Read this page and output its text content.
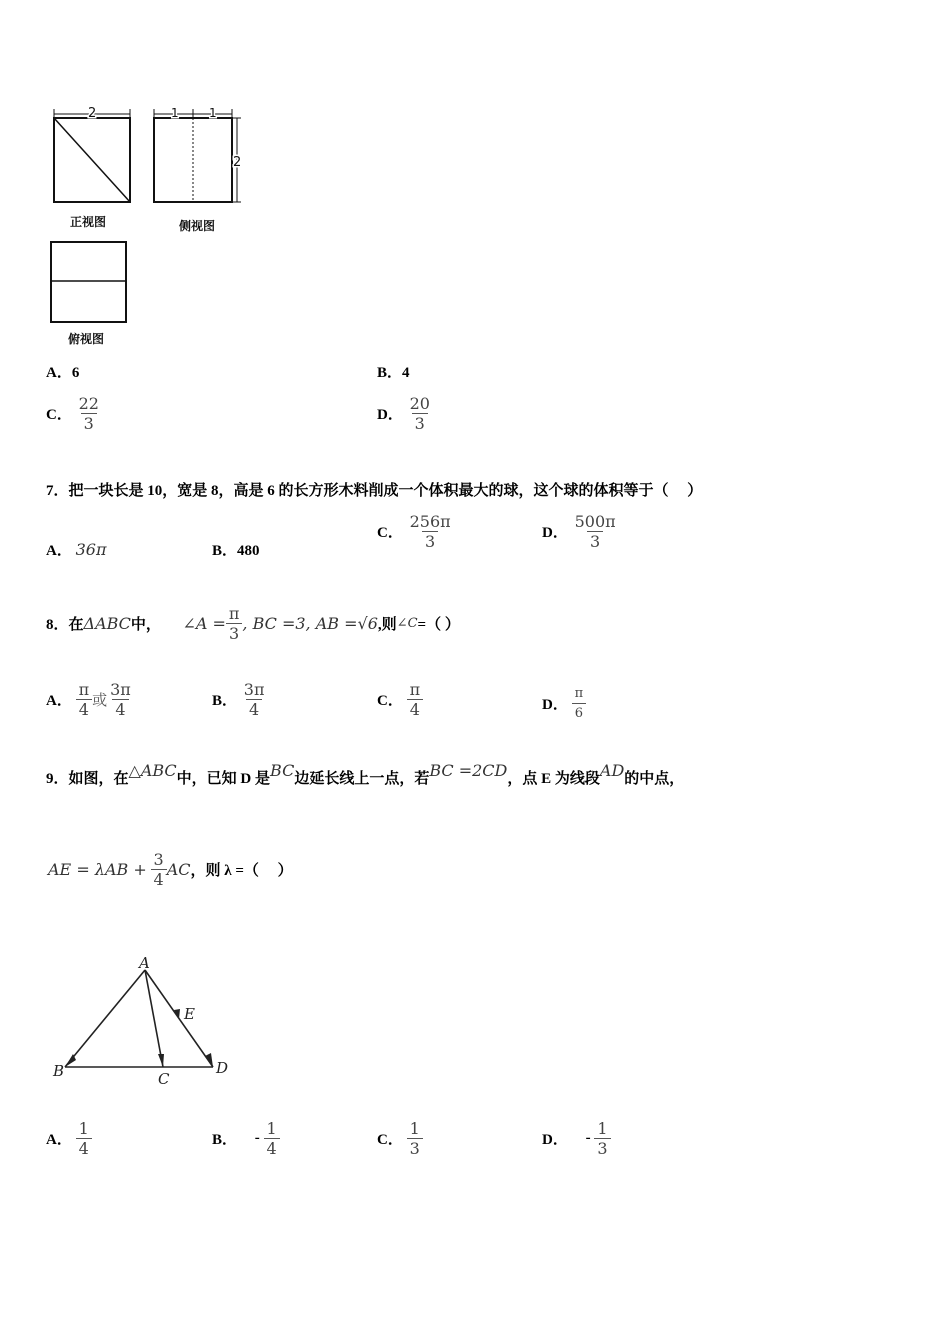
2
正视图
1	1
2
侧视图
俯视图
A．6	B．4
C． $\frac{22}{3}$	D． $\frac{20}{3}$
7．把一块长是 10，宽是 8，高是 6 的长方形木料削成一个体积最大的球，这个球的体积等于（　 ）
A． 36π	B．480
C． $\frac{256\pi}{3}$	D． $\frac{500\pi}{3}$
8．在ΔABC中， ∠A = $\frac{\pi}{3}$ , BC =3, AB =√6,则∠C=（ ）
A． $\frac{\pi}{4}$ 或 $\frac{3\pi}{4}$	B． $\frac{3\pi}{4}$	C． $\frac{\pi}{4}$	D． $\frac{\pi}{6}$
9．如图，在△ABC中，已知 D 是BC边延长线上一点，若BC =2CD，点 E 为线段AD的中点，
AE = $\lambda AB + \frac{3}{4}$ AC，则 λ =（　 ）
A
B	C
D
E
A． $\frac{1}{4}$	B． - $\frac{1}{4}$	C． $\frac{1}{3}$	D． - $\frac{1}{3}$
